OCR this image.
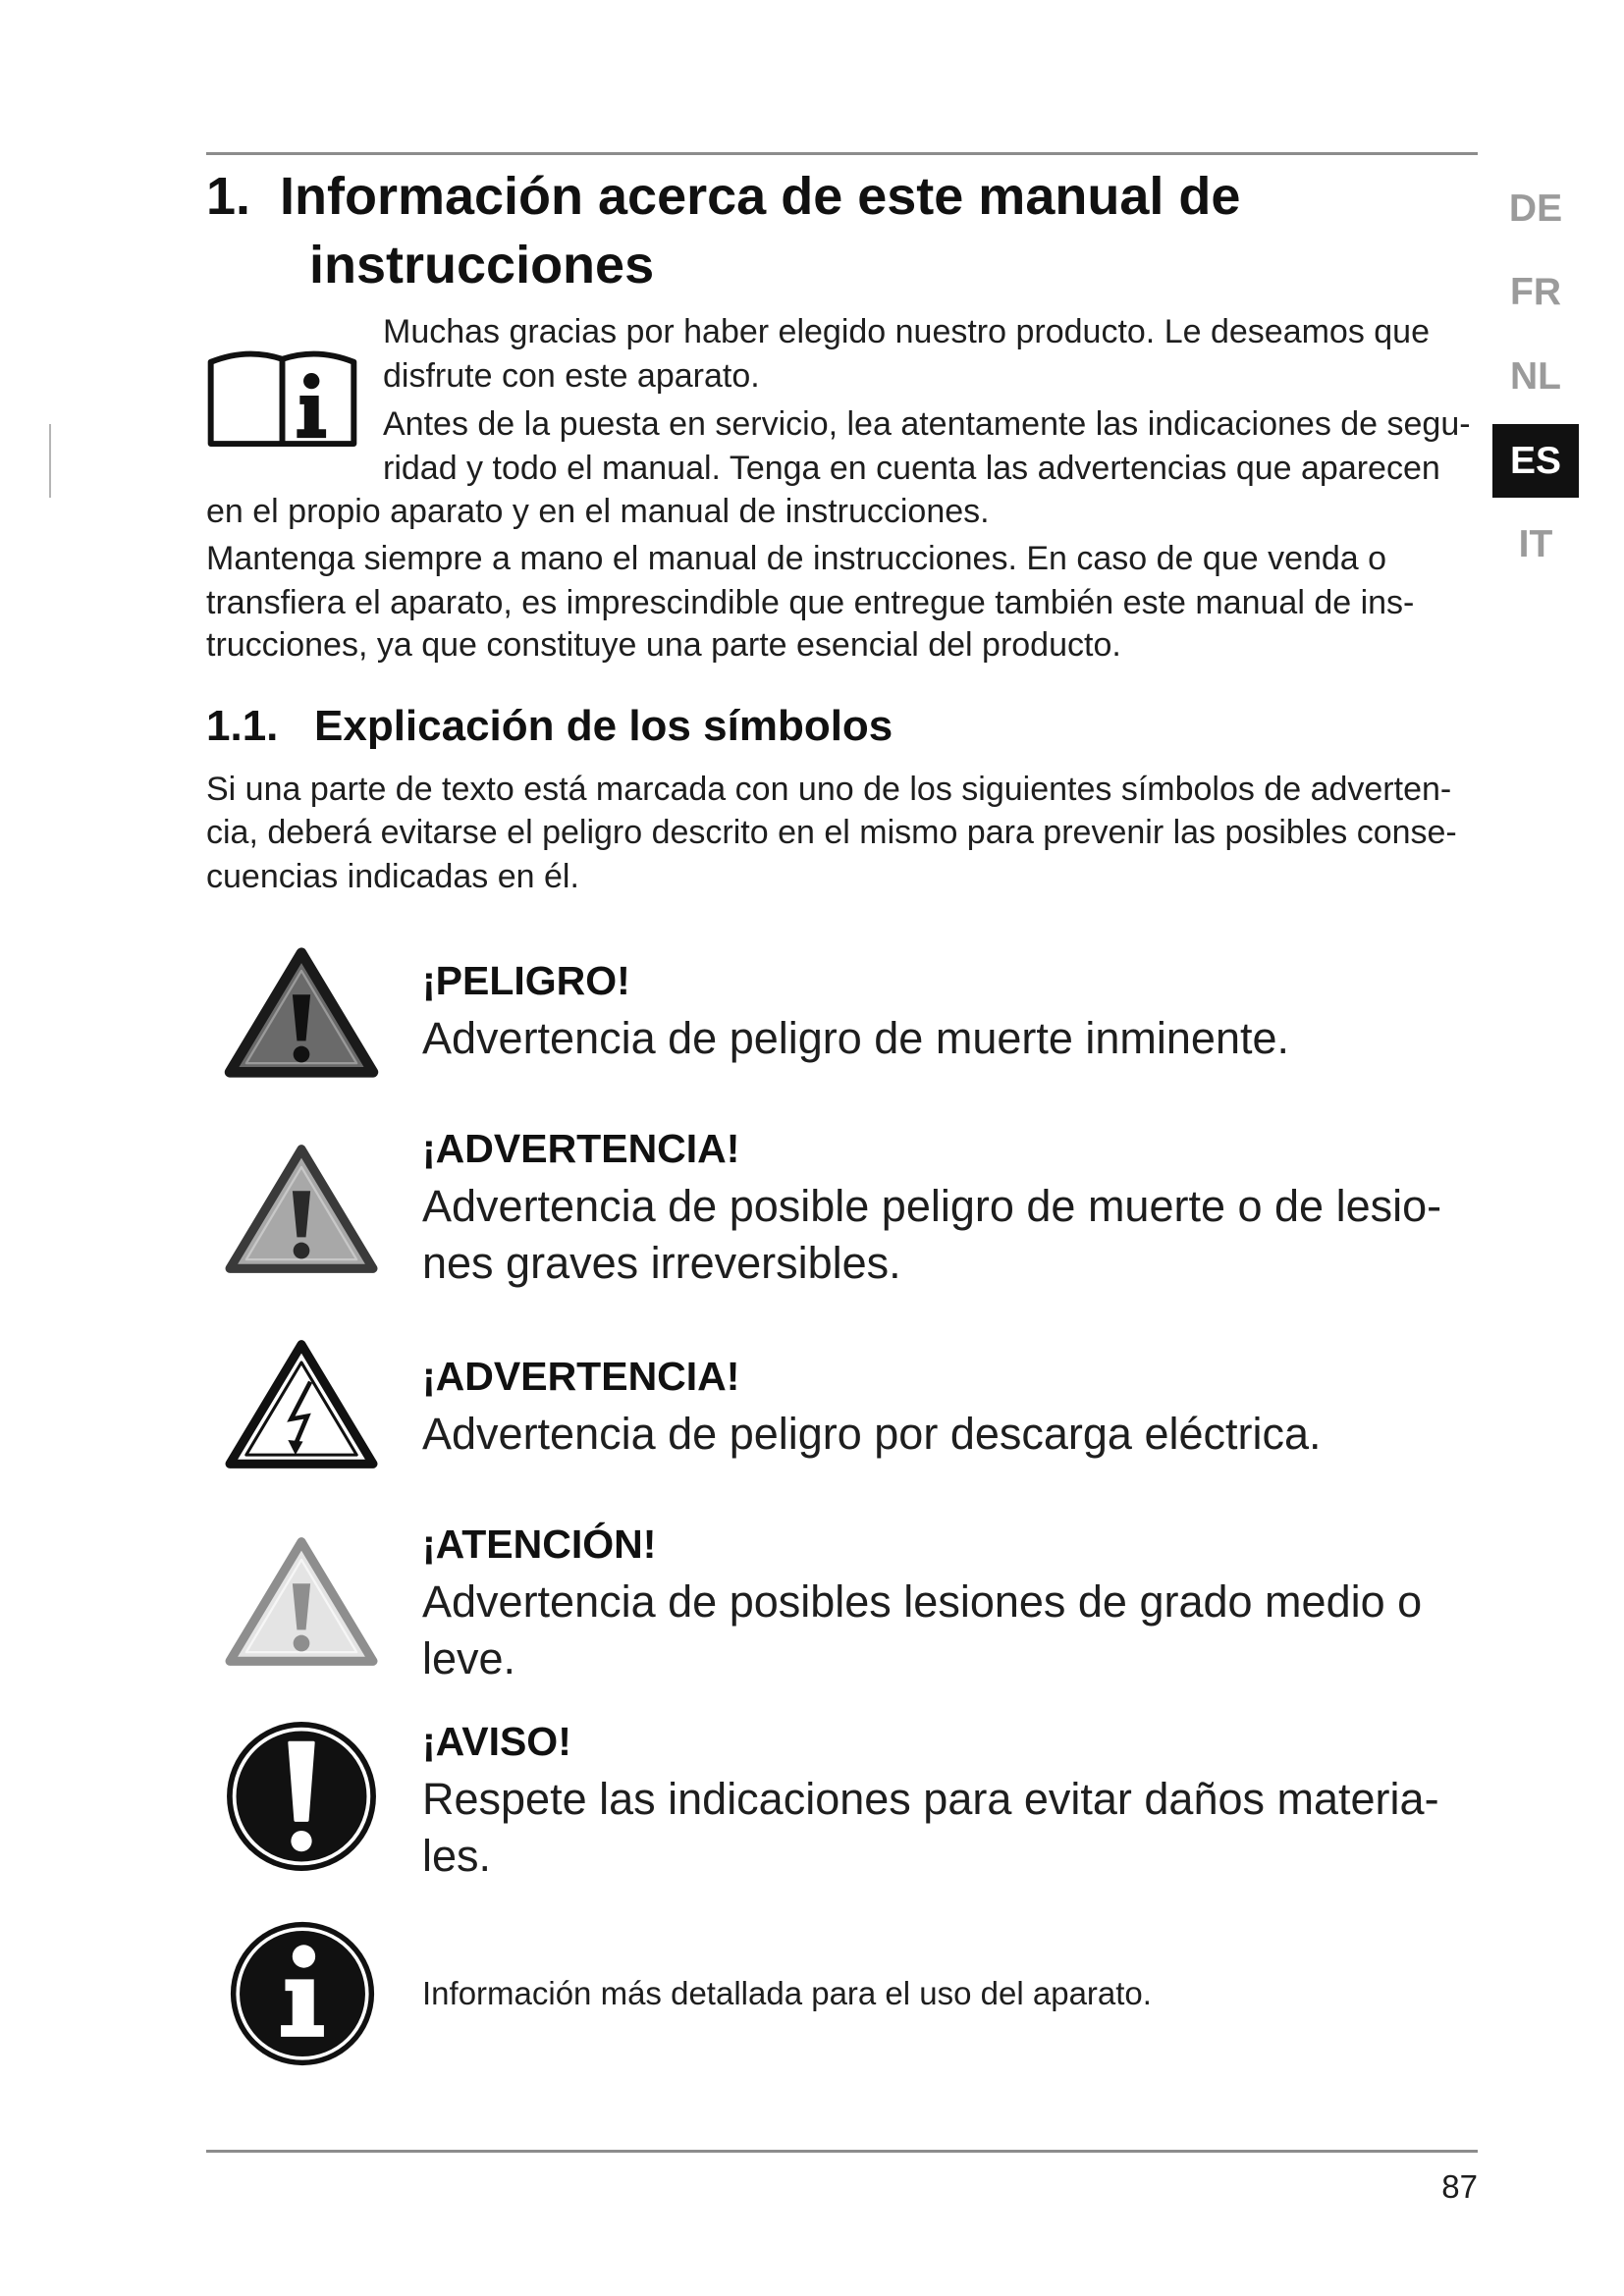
DE
FR
NL
ES
IT
1. Información acerca de este manual de
instrucciones
Muchas gracias por haber elegido nuestro producto. Le deseamos que
disfrute con este aparato.
Antes de la puesta en servicio, lea atentamente las indicaciones de segu-
ridad y todo el manual. Tenga en cuenta las advertencias que aparecen
en el propio aparato y en el manual de instrucciones.
Mantenga siempre a mano el manual de instrucciones. En caso de que venda o
transfiera el aparato, es imprescindible que entregue también este manual de ins-
trucciones, ya que constituye una parte esencial del producto.
1.1. Explicación de los símbolos
Si una parte de texto está marcada con uno de los siguientes símbolos de adverten-
cia, deberá evitarse el peligro descrito en el mismo para prevenir las posibles conse-
cuencias indicadas en él.
¡PELIGRO!
Advertencia de peligro de muerte inminente.
¡ADVERTENCIA!
Advertencia de posible peligro de muerte o de lesio-
nes graves irreversibles.
¡ADVERTENCIA!
Advertencia de peligro por descarga eléctrica.
¡ATENCIÓN!
Advertencia de posibles lesiones de grado medio o
leve.
¡AVISO!
Respete las indicaciones para evitar daños materia-
les.
Información más detallada para el uso del aparato.
87
